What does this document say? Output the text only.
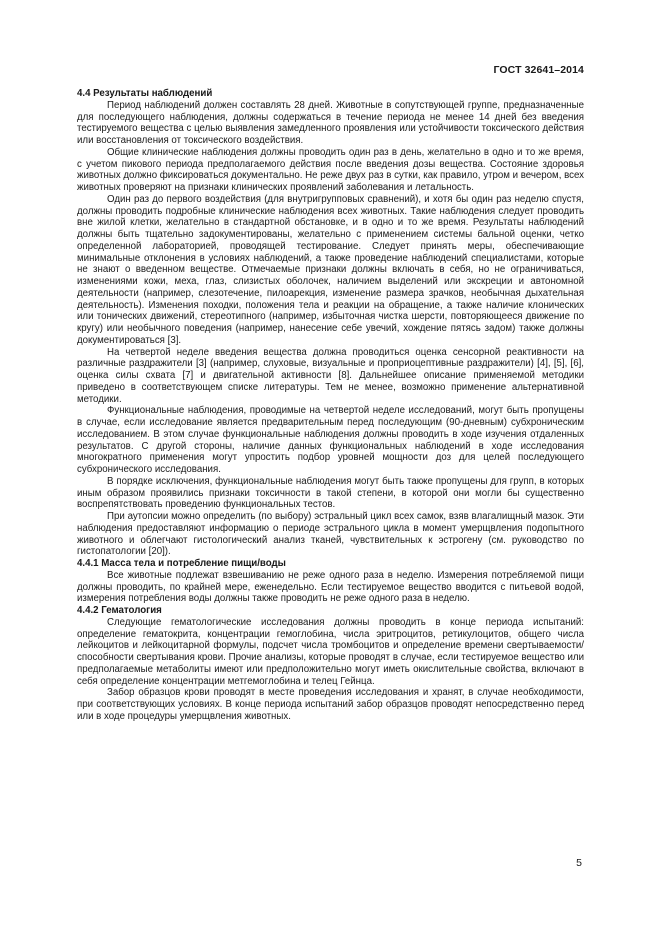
ГОСТ 32641–2014
4.4 Результаты наблюдений

Период наблюдений должен составлять 28 дней. Животные в сопутствующей группе, предназначенные для последующего наблюдения, должны содержаться в течение периода не менее 14 дней без введения тестируемого вещества с целью выявления замедленного проявления или устойчивости токсического действия или восстановления от токсического воздействия.

Общие клинические наблюдения должны проводить один раз в день, желательно в одно и то же время, с учетом пикового периода предполагаемого действия после введения дозы вещества. Состояние здоровья животных должно фиксироваться документально. Не реже двух раз в сутки, как правило, утром и вечером, всех животных проверяют на признаки клинических проявлений заболевания и летальность.

Один раз до первого воздействия (для внутригрупповых сравнений), и хотя бы один раз неделю спустя, должны проводить подробные клинические наблюдения всех животных. Такие наблюдения следует проводить вне жилой клетки, желательно в стандартной обстановке, и в одно и то же время. Результаты наблюдений должны быть тщательно задокументированы, желательно с применением системы бальной оценки, четко определенной лабораторией, проводящей тестирование. Следует принять меры, обеспечивающие минимальные отклонения в условиях наблюдений, а также проведение наблюдений специалистами, которые не знают о введенном веществе. Отмечаемые признаки должны включать в себя, но не ограничиваться, изменениями кожи, меха, глаз, слизистых оболочек, наличием выделений или экскреции и автономной деятельности (например, слезотечение, пилоарекция, изменение размера зрачков, необычная дыхательная деятельность). Изменения походки, положения тела и реакции на обращение, а также наличие клонических или тонических движений, стереотипного (например, избыточная чистка шерсти, повторяющееся движение по кругу) или необычного поведения (например, нанесение себе увечий, хождение пятясь задом) также должны документироваться [3].

На четвертой неделе введения вещества должна проводиться оценка сенсорной реактивности на различные раздражители [3] (например, слуховые, визуальные и проприоцептивные раздражители) [4], [5], [6], оценка силы схвата [7] и двигательной активности [8]. Дальнейшее описание применяемой методики приведено в соответствующем списке литературы. Тем не менее, возможно применение альтернативной методики.

Функциональные наблюдения, проводимые на четвертой неделе исследований, могут быть пропущены в случае, если исследование является предварительным перед последующим (90-дневным) субхроническим исследованием. В этом случае функциональные наблюдения должны проводить в ходе изучения отдаленных результатов. С другой стороны, наличие данных функциональных наблюдений в ходе исследования многократного применения могут упростить подбор уровней мощности доз для целей последующего субхронического исследования.

В порядке исключения, функциональные наблюдения могут быть также пропущены для групп, в которых иным образом проявились признаки токсичности в такой степени, в которой они могли бы существенно воспрепятствовать проведению функциональных тестов.

При аутопсии можно определить (по выбору) эстральный цикл всех самок, взяв влагалищный мазок. Эти наблюдения предоставляют информацию о периоде эстрального цикла в момент умерщвления подопытного животного и облегчают гистологический анализ тканей, чувствительных к эстрогену (см. руководство по гистопатологии [20]).

4.4.1 Масса тела и потребление пищи/воды

Все животные подлежат взвешиванию не реже одного раза в неделю. Измерения потребляемой пищи должны проводить, по крайней мере, еженедельно. Если тестируемое вещество вводится с питьевой водой, измерения потребления воды должны также проводить не реже одного раза в неделю.

4.4.2 Гематология

Следующие гематологические исследования должны проводить в конце периода испытаний: определение гематокрита, концентрации гемоглобина, числа эритроцитов, ретикулоцитов, общего числа лейкоцитов и лейкоцитарной формулы, подсчет числа тромбоцитов и определение времени свертываемости/способности свертывания крови. Прочие анализы, которые проводят в случае, если тестируемое вещество или предполагаемые метаболиты имеют или предположительно могут иметь окислительные свойства, включают в себя определение концентрации метгемоглобина и телец Гейнца.

Забор образцов крови проводят в месте проведения исследования и хранят, в случае необходимости, при соответствующих условиях. В конце периода испытаний забор образцов проводят непосредственно перед или в ходе процедуры умерщвления животных.

5
